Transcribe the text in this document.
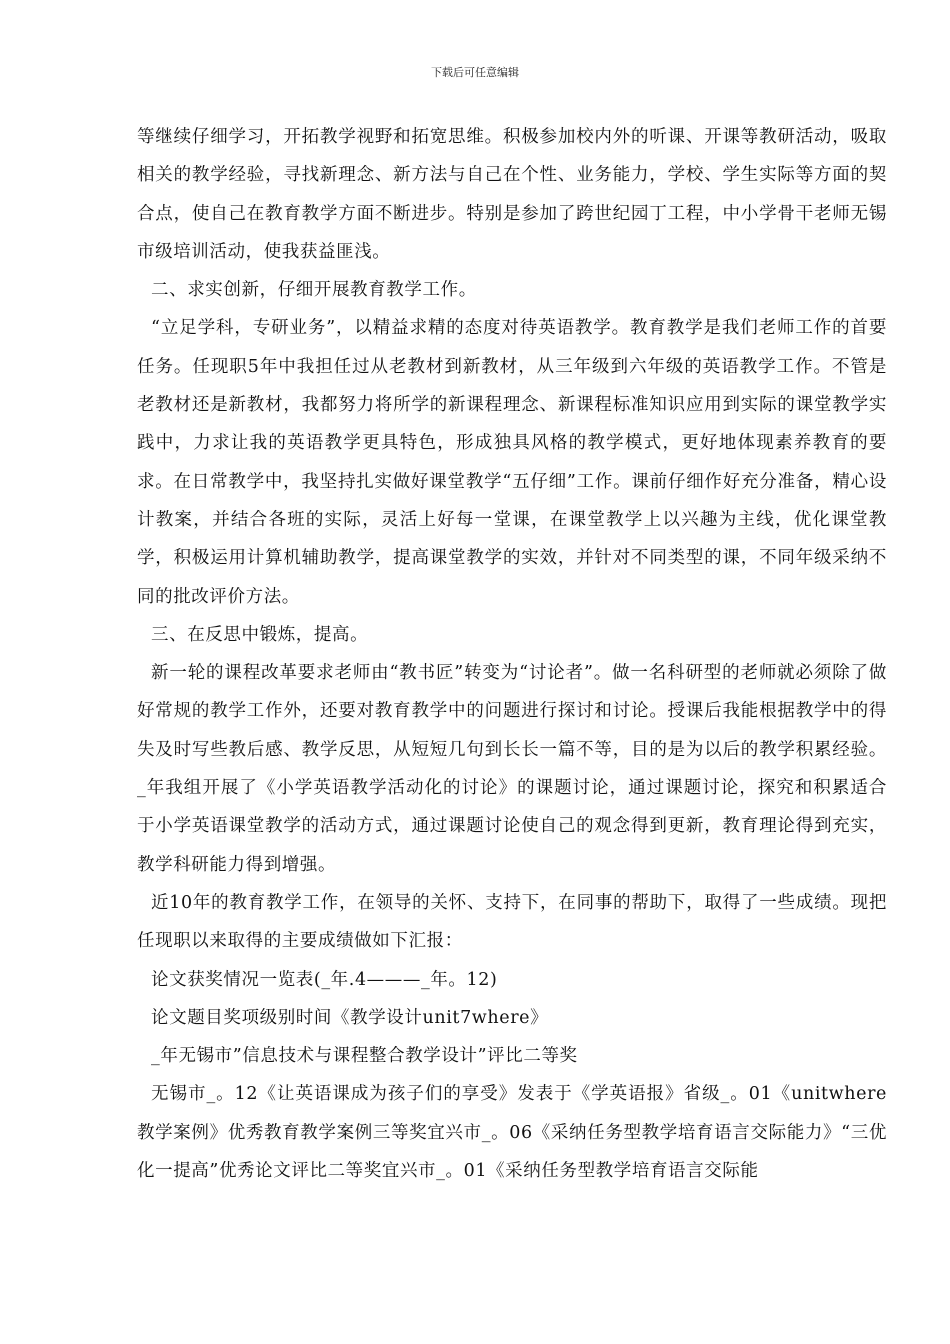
下载后可任意编辑

等继续仔细学习，开拓教学视野和拓宽思维。积极参加校内外的听课、开课等教研活动，吸取相关的教学经验，寻找新理念、新方法与自己在个性、业务能力，学校、学生实际等方面的契合点，使自己在教育教学方面不断进步。特别是参加了跨世纪园丁工程，中小学骨干老师无锡市级培训活动，使我获益匪浅。

二、求实创新，仔细开展教育教学工作。

“立足学科，专研业务”，以精益求精的态度对待英语教学。教育教学是我们老师工作的首要任务。任现职5年中我担任过从老教材到新教材，从三年级到六年级的英语教学工作。不管是老教材还是新教材，我都努力将所学的新课程理念、新课程标准知识应用到实际的课堂教学实践中，力求让我的英语教学更具特色，形成独具风格的教学模式，更好地体现素养教育的要求。在日常教学中，我坚持扎实做好课堂教学“五仔细”工作。课前仔细作好充分准备，精心设计教案，并结合各班的实际，灵活上好每一堂课，在课堂教学上以兴趣为主线，优化课堂教学，积极运用计算机辅助教学，提高课堂教学的实效，并针对不同类型的课，不同年级采纳不同的批改评价方法。

三、在反思中锻炼，提高。

新一轮的课程改革要求老师由“教书匠”转变为“讨论者”。做一名科研型的老师就必须除了做好常规的教学工作外，还要对教育教学中的问题进行探讨和讨论。授课后我能根据教学中的得失及时写些教后感、教学反思，从短短几句到长长一篇不等，目的是为以后的教学积累经验。_年我组开展了《小学英语教学活动化的讨论》的课题讨论，通过课题讨论，探究和积累适合于小学英语课堂教学的活动方式，通过课题讨论使自己的观念得到更新，教育理论得到充实，教学科研能力得到增强。

近10年的教育教学工作，在领导的关怀、支持下，在同事的帮助下，取得了一些成绩。现把任现职以来取得的主要成绩做如下汇报：

论文获奖情况一览表(_年.4———_年。12)

论文题目奖项级别时间《教学设计unit7where》

_年无锡市”信息技术与课程整合教学设计”评比二等奖

无锡市_。12《让英语课成为孩子们的享受》发表于《学英语报》省级_。01《unitwhere教学案例》优秀教育教学案例三等奖宜兴市_。06《采纳任务型教学培育语言交际能力》“三优化一提高”优秀论文评比二等奖宜兴市_。01《采纳任务型教学培育语言交际能
